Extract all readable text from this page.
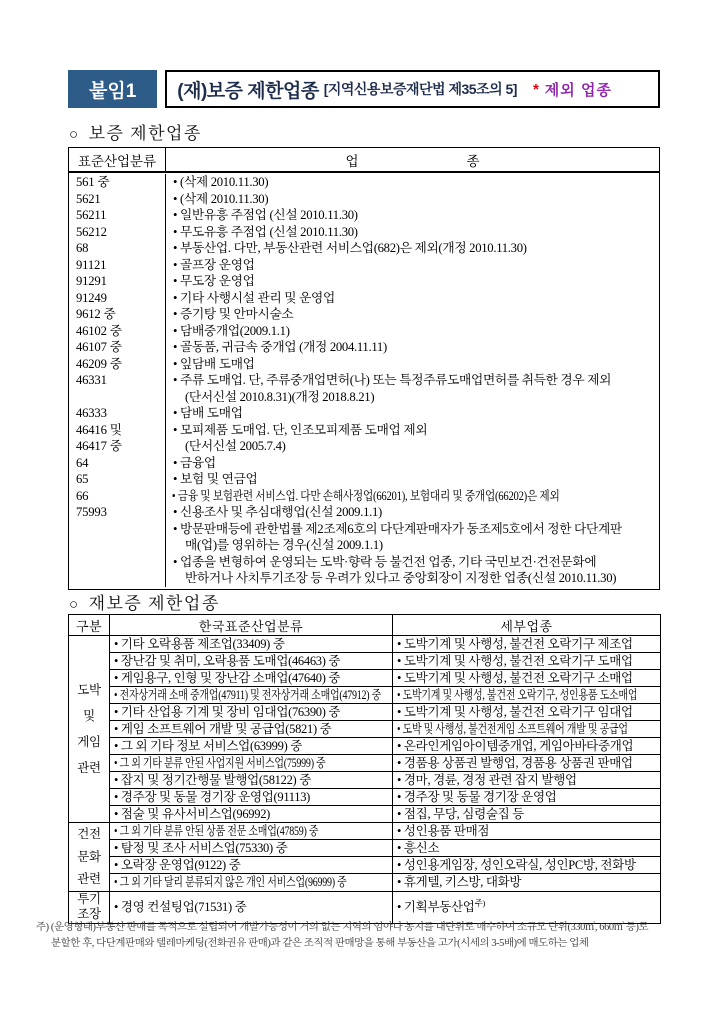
붙임1	(재)보증 제한업종 [지역신용보증재단법 제35조의 5] * 제외 업종
○ 보증 제한업종
표준산업분류	업　　　　　　　　종
561 중	• (삭제 2010.11.30)
5621	• (삭제 2010.11.30)
56211	• 일반유흥 주점업 (신설 2010.11.30)
56212	• 무도유흥 주점업 (신설 2010.11.30)
68	• 부동산업. 다만, 부동산관련 서비스업(682)은 제외(개정 2010.11.30)
91121	• 골프장 운영업
91291	• 무도장 운영업
91249	• 기타 사행시설 관리 및 운영업
9612 중	• 증기탕 및 안마시술소
46102 중	• 담배중개업(2009.1.1)
46107 중	• 골동품, 귀금속 중개업 (개정 2004.11.11)
46209 중	• 잎담배 도매업
46331	• 주류 도매업. 단, 주류중개업면허(나) 또는 특정주류도매업면허를 취득한 경우 제외
(단서신설 2010.8.31)(개정 2018.8.21)
46333	• 담배 도매업
46416 및	• 모피제품 도매업. 단, 인조모피제품 도매업 제외
46417 중	(단서신설 2005.7.4)
64	• 금융업
65	• 보험 및 연금업
66	• 금융 및 보험관련 서비스업. 다만 손해사정업(66201), 보험대리 및 중개업(66202)은 제외
75993	• 신용조사 및 추심대행업(신설 2009.1.1)
• 방문판매등에 관한법률 제2조제6호의 다단계판매자가 동조제5호에서 정한 다단계판
매(업)를 영위하는 경우(신설 2009.1.1)
• 업종을 변형하여 운영되는 도박·향락 등 불건전 업종, 기타 국민보건·건전문화에
반하거나 사치투기조장 등 우려가 있다고 중앙회장이 지정한 업종(신설 2010.11.30)
○ 재보증 제한업종
구분	한국표준산업분류	세부업종
도박
및
게임
관련	• 기타 오락용품 제조업(33409) 중	• 도박기계 및 사행성, 불건전 오락기구 제조업
	• 장난감 및 취미, 오락용품 도매업(46463) 중	• 도박기계 및 사행성, 불건전 오락기구 도매업
	• 게임용구, 인형 및 장난감 소매업(47640) 중	• 도박기계 및 사행성, 불건전 오락기구 소매업
	• 전자상거래 소매 중개업(47911) 및 전자상거래 소매업(47912) 중	• 도박기계 및 사행성, 불건전 오락기구, 성인용품 도소매업
	• 기타 산업용 기계 및 장비 임대업(76390) 중	• 도박기계 및 사행성, 불건전 오락기구 임대업
	• 게임 소프트웨어 개발 및 공급업(5821) 중	• 도박 및 사행성, 불건전게임 소프트웨어 개발 및 공급업
	• 그 외 기타 정보 서비스업(63999) 중	• 온라인게임아이템중개업, 게임아바타중개업
	• 그 외 기타 분류 안된 사업지원 서비스업(75999) 중	• 경품용 상품권 발행업, 경품용 상품권 판매업
	• 잡지 및 정기간행물 발행업(58122) 중	• 경마, 경륜, 경정 관련 잡지 발행업
	• 경주장 및 동물 경기장 운영업(91113)	• 경주장 및 동물 경기장 운영업
	• 점술 및 유사서비스업(96992)	• 점집, 무당, 심령술집 등
건전
문화
관련	• 그 외 기타 분류 안된 상품 전문 소매업(47859) 중	• 성인용품 판매점
	• 탐정 및 조사 서비스업(75330) 중	• 흥신소
	• 오락장 운영업(9122) 중	• 성인용게임장, 성인오락실, 성인PC방, 전화방
	• 그 외 기타 달리 분류되지 않은 개인 서비스업(96999) 중	• 휴게텔, 키스방, 대화방
투기
조장	• 경영 컨설팅업(71531) 중	• 기획부동산업$^{주)}$
주) (운영형태)부동산 판매를 목적으로 설립되어 개발가능성이 거의 없는 지역의 임야나 농지를 대단위로 매수하여 소규모 단위(330㎡, 660㎡ 등)로
분할한 후, 다단계판매와 텔레마케팅(전화권유 판매)과 같은 조직적 판매망을 통해 부동산을 고가(시세의 3-5배)에 매도하는 업체
